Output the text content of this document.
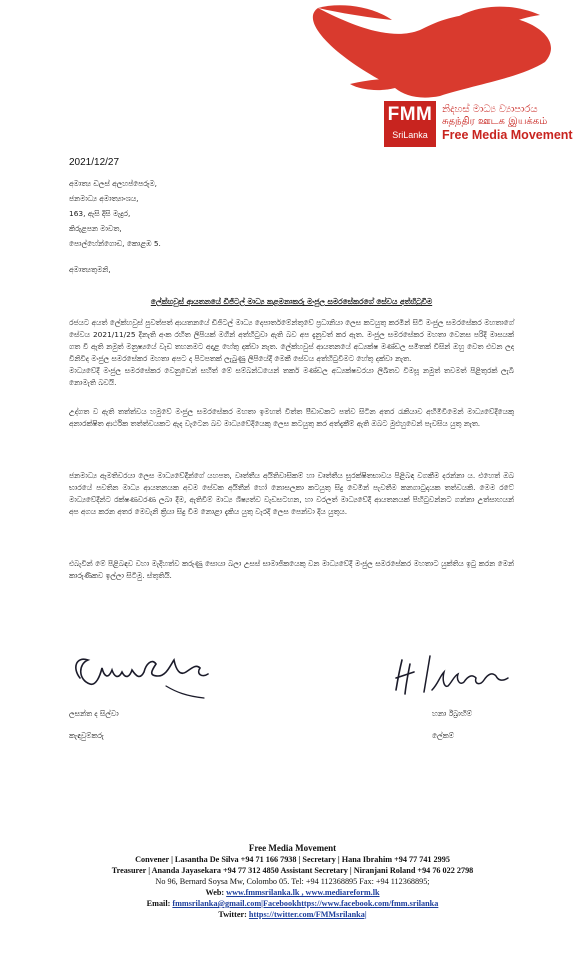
FMM
SriLanka
නිදහස් මාධ්‍ය ව්‍යාපාරය
சுதந்திர ஊடக இயக்கம்
Free Media Movement
2021/12/27
අමාත්‍ය ඩලස් අලහප්පෙරුම,
ජනමාධ්‍ය අමාත්‍යාංශය,
163, ඇසි දිසි මැදුර,
කිරුළපන මාවත,
පොල්හේන්ගොඩ, කොළඹ 5.
අමාත්‍යතුමනි,
ලේක්හවුස් ආයතනයේ ඩිජිටල් මාධ්‍ය කළමනාකරු මංජුල සමරසේකරගේ සේවය අත්හිටුවීම
රජයට අයත් ලේක්හවුස් පුවත්පත් ආයතනයේ ඩිජිටල් මාධ්‍ය දෙපාර්තමේන්තුවේ ප්‍රධානියා ලෙස කටයුතු කරමින් සිටි මංජුල සමරසේකර මහතාගේ සේවය 2021/11/25 දිනැති අංක රහිත ලිපියක් මගින් අත්හිටුවා ඇති බව අප දැනුවත් කර ඇත. මංජුල සමරසේකර මහතා වෙනස පරිදි මාසයක් ගත වී ඇති නමුත් මනුෂ්‍යයේ වැඩ තහනමට අදාළ හේතු දක්වා නැත. ලේක්හවුස් ආයතනයේ අධ්‍යක්ෂ මණ්ඩල සමිතක් විසින් ඔහු වෙත එවන ලද විනිවිද මංජුල සමරසේකර මහතා අපට ද පිටපතක් ලැබුණු ලිපියේදී මෙකී සේවය අත්හිටුවීමට හේතු දක්වා නැත.
මාධ්‍යවේදී මංජුල සමරසේකර වෙනුවෙන් සහිත් මේ සම්බන්ධයෙන් තර්ක මණ්ඩල අධ්‍යක්ෂවරයා ලිඛිතව විමසූ නමුත් තවමත් පිළිතුරක් ලැබී නොමැති බවයි.
උද්ගත ව ඇති තත්ත්වය හමුවේ මංජුල සමරසේකර මහතා ඉමහත් විත්ත පීඩාවකට පත්ව සිටින අතර රැකියාව අහිමිවීමෙන් මාධ්‍යවේදියෙකු අනාරක්ෂිත ආර්ථික තත්ත්වයකට ඇද වැටෙන බව මාධ්‍යවේදියෙකු ලෙස කටයුතු කර අත්දැකීම් ඇති ඔබට මුළුහුවෙන් පැවසිය යුතු නැත.
ජනමාධ්‍ය ඇමතිවරයා ලෙස මාධ්‍යවේදීන්ගේ යහපත, වෘත්තීය අයිතිවාසිකම් හා වෘත්තීය සුරක්ෂිතභාවය පිළිබඳ වගකීම දරන්නා ය. එහෙත් ඔබ භාරයේ පවතින මාධ්‍ය ආයතනයක අවම සේවක අයිතීන් හෝ නොසලකා කටයුතු සිදු වෙමින් පැවතීම කනගාටුදායක තත්වයකි. මෙම රටේ මාධ්‍යවේදීන්ට රක්ෂණවරණ ලබා දීම, ඇතිවීම් මාධ්‍ය ශිෂ්‍යත්ව වැඩසටහන, හා වරලත් මාධ්‍යවේදී ආයතනයක් පිහිටුවන්නට ගන්නා උත්සාහයන් අප අගය කරන අතර මෙවැනි ක්‍රියා සිදු වීම නොළා දැකිය යුතු වැරදි ලෙස පෙන්වා දිය යුතුය.
එබැවින් මේ පිළිබඳව වහා මැදිහත්ව කරුණු සොයා බලා උසස් සාමාජිකයෙකු වන මාධ්‍යවේදී මංජුල සමරසේකර මහතාට යුක්තිය ඉටු කරන මෙන් කාරුණිකව ඉල්ලා සිටිමු. ස්තුතියි.
ලසන්ත ද සිල්වා
කැඳවුම්කරු
හනා ඊබ්‍රාහිම්
ලේකම්
Free Media Movement
Convener | Lasantha De Silva +94 71 166 7938 | Secretary | Hana Ibrahim +94 77 741 2995
Treasurer | Ananda Jayasekara +94 77 312 4850 Assistant Secretary | Niranjani Roland +94 76 022 2798
No 96, Bernard Soysa Mw, Colombo 05. Tel: +94 112368895 Fax: +94 112368895;
Web: www.fmmsrilanka.lk , www.mediareform.lk
Email: fmmsrilanka@gmail.com|Facebookhttps://www.facebook.com/fmm.srilanka
Twitter: https://twitter.com/FMMsrilanka|
